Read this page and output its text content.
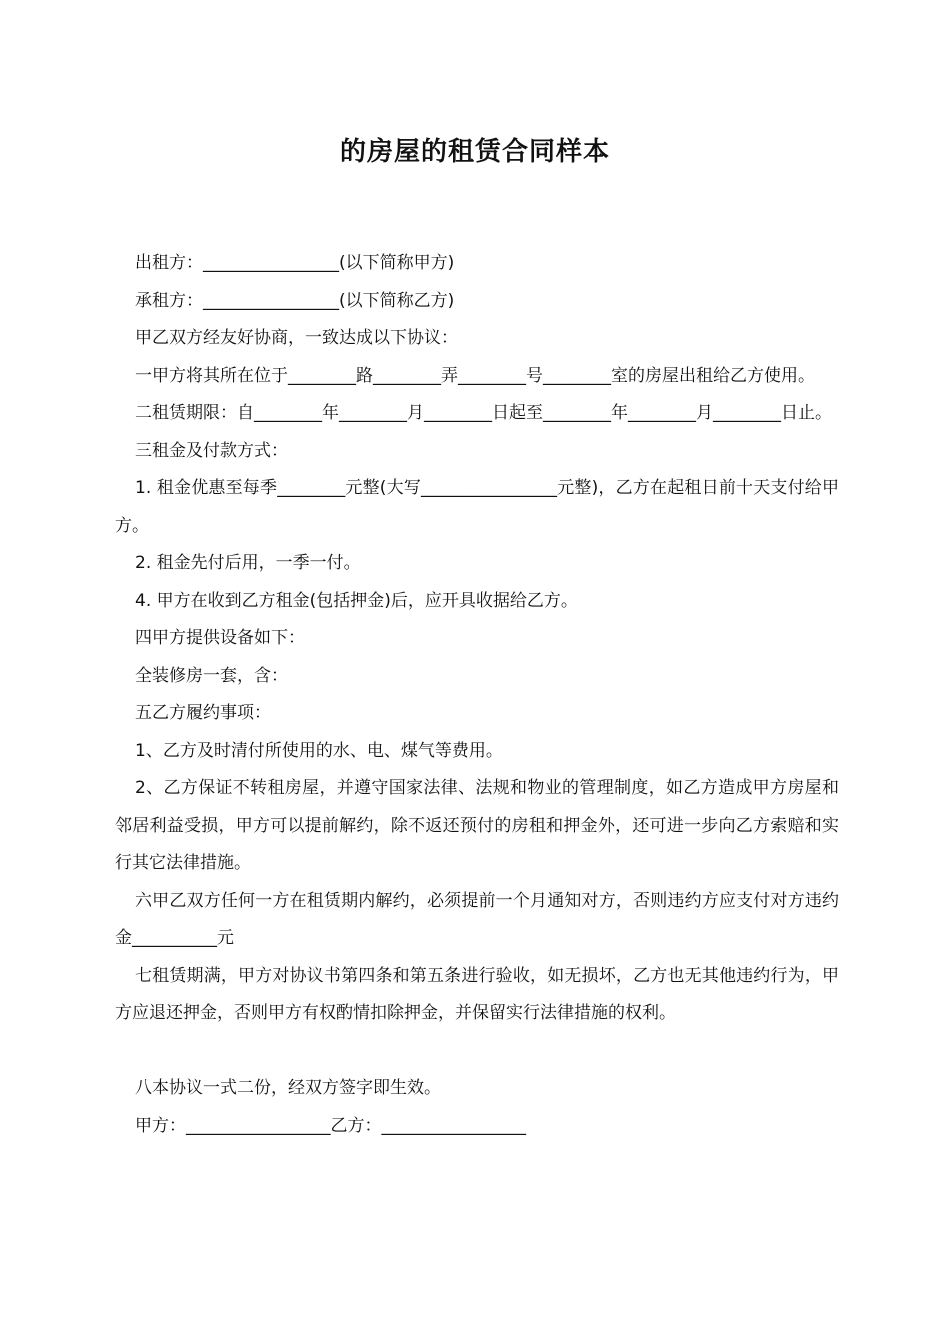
的房屋的租赁合同样本

出租方：________________(以下简称甲方)

承租方：________________(以下简称乙方)

甲乙双方经友好协商，一致达成以下协议：

一甲方将其所在位于________路________弄________号________室的房屋出租给乙方使用。

二租赁期限：自________年________月________日起至________年________月________日止。

三租金及付款方式：

1. 租金优惠至每季________元整(大写________________元整)，乙方在起租日前十天支付给甲方。

2. 租金先付后用，一季一付。

4. 甲方在收到乙方租金(包括押金)后，应开具收据给乙方。

四甲方提供设备如下：

全装修房一套，含：

五乙方履约事项：

1、乙方及时清付所使用的水、电、煤气等费用。

2、乙方保证不转租房屋，并遵守国家法律、法规和物业的管理制度，如乙方造成甲方房屋和邻居利益受损，甲方可以提前解约，除不返还预付的房租和押金外，还可进一步向乙方索赔和实行其它法律措施。

六甲乙双方任何一方在租赁期内解约，必须提前一个月通知对方，否则违约方应支付对方违约金__________元

七租赁期满，甲方对协议书第四条和第五条进行验收，如无损坏，乙方也无其他违约行为，甲方应退还押金，否则甲方有权酌情扣除押金，并保留实行法律措施的权利。

八本协议一式二份，经双方签字即生效。

甲方：_________________乙方：_________________
